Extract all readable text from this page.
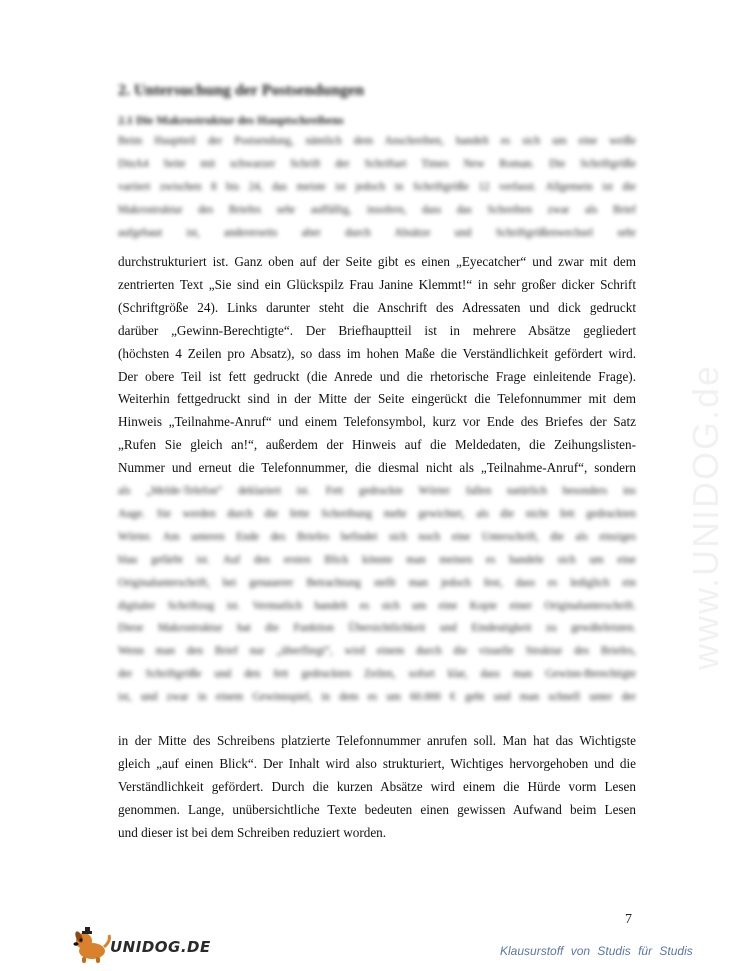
2. Untersuchung der Postsendungen
2.1 Die Makrostruktur des Hauptschreibens
Beim Hauptteil der Postsendung, nämlich dem Anschreiben, handelt es sich um eine weiße
DinA4 Seite mit schwarzer Schrift der Schriftart Times New Roman. Die Schriftgröße
variiert zwischen 8 bis 24, das meiste ist jedoch in Schriftgröße 12 verfasst. Allgemein ist die
Makrostruktur des Briefes sehr auffällig, insofern, dass das Schreiben zwar als Brief
aufgebaut ist, andererseits aber durch Absätze und Schriftgrößenwechsel sehr
durchstrukturiert ist. Ganz oben auf der Seite gibt es einen „Eyecatcher“ und zwar mit dem
zentrierten Text „Sie sind ein Glückspilz Frau Janine Klemmt!“ in sehr großer dicker Schrift
(Schriftgröße 24). Links darunter steht die Anschrift des Adressaten und dick gedruckt
darüber „Gewinn-Berechtigte“. Der Briefhauptteil ist in mehrere Absätze gegliedert
(höchsten 4 Zeilen pro Absatz), so dass im hohen Maße die Verständlichkeit gefördert wird.
Der obere Teil ist fett gedruckt (die Anrede und die rhetorische Frage einleitende Frage).
Weiterhin fettgedruckt sind in der Mitte der Seite eingerückt die Telefonnummer mit dem
Hinweis „Teilnahme-Anruf“ und einem Telefonsymbol, kurz vor Ende des Briefes der Satz
„Rufen Sie gleich an!“, außerdem der Hinweis auf die Meldedaten, die Zeihungslisten-
Nummer und erneut die Telefonnummer, die diesmal nicht als „Teilnahme-Anruf“, sondern
als „Melde-Telefon“ deklariert ist. Fett gedruckte Wörter fallen natürlich besonders ins
Auge. Sie werden durch die fette Schreibung mehr gewichtet, als die nicht fett gedruckten
Wörter. Am unteren Ende des Briefes befindet sich noch eine Unterschrift, die als einziges
blau gefärbt ist. Auf den ersten Blick könnte man meinen es handele sich um eine
Originalunterschrift, bei genauerer Betrachtung stellt man jedoch fest, dass es lediglich ein
digitaler Schriftzug ist. Vermutlich handelt es sich um eine Kopie einer Originalunterschrift.
Diese Makrostruktur hat die Funktion Übersichtlichkeit und Eindeutigkeit zu gewährleisten.
Wenn man den Brief nur „überfliegt“, wird einem durch die visuelle Struktur des Briefes,
der Schriftgröße und den fett gedruckten Zeilen, sofort klar, dass man Gewinn-Berechtigte
ist, und zwar in einem Gewinnspiel, in dem es um 60.000 € geht und man schnell unter der
in der Mitte des Schreibens platzierte Telefonnummer anrufen soll. Man hat das Wichtigste
gleich „auf einen Blick“. Der Inhalt wird also strukturiert, Wichtiges hervorgehoben und die
Verständlichkeit gefördert. Durch die kurzen Absätze wird einem die Hürde vorm Lesen
genommen. Lange, unübersichtliche Texte bedeuten einen gewissen Aufwand beim Lesen
und dieser ist bei dem Schreiben reduziert worden.
www.UNIDOG.de
7
UNIDOG.DE	Klausurstoff von Studis für Studis
